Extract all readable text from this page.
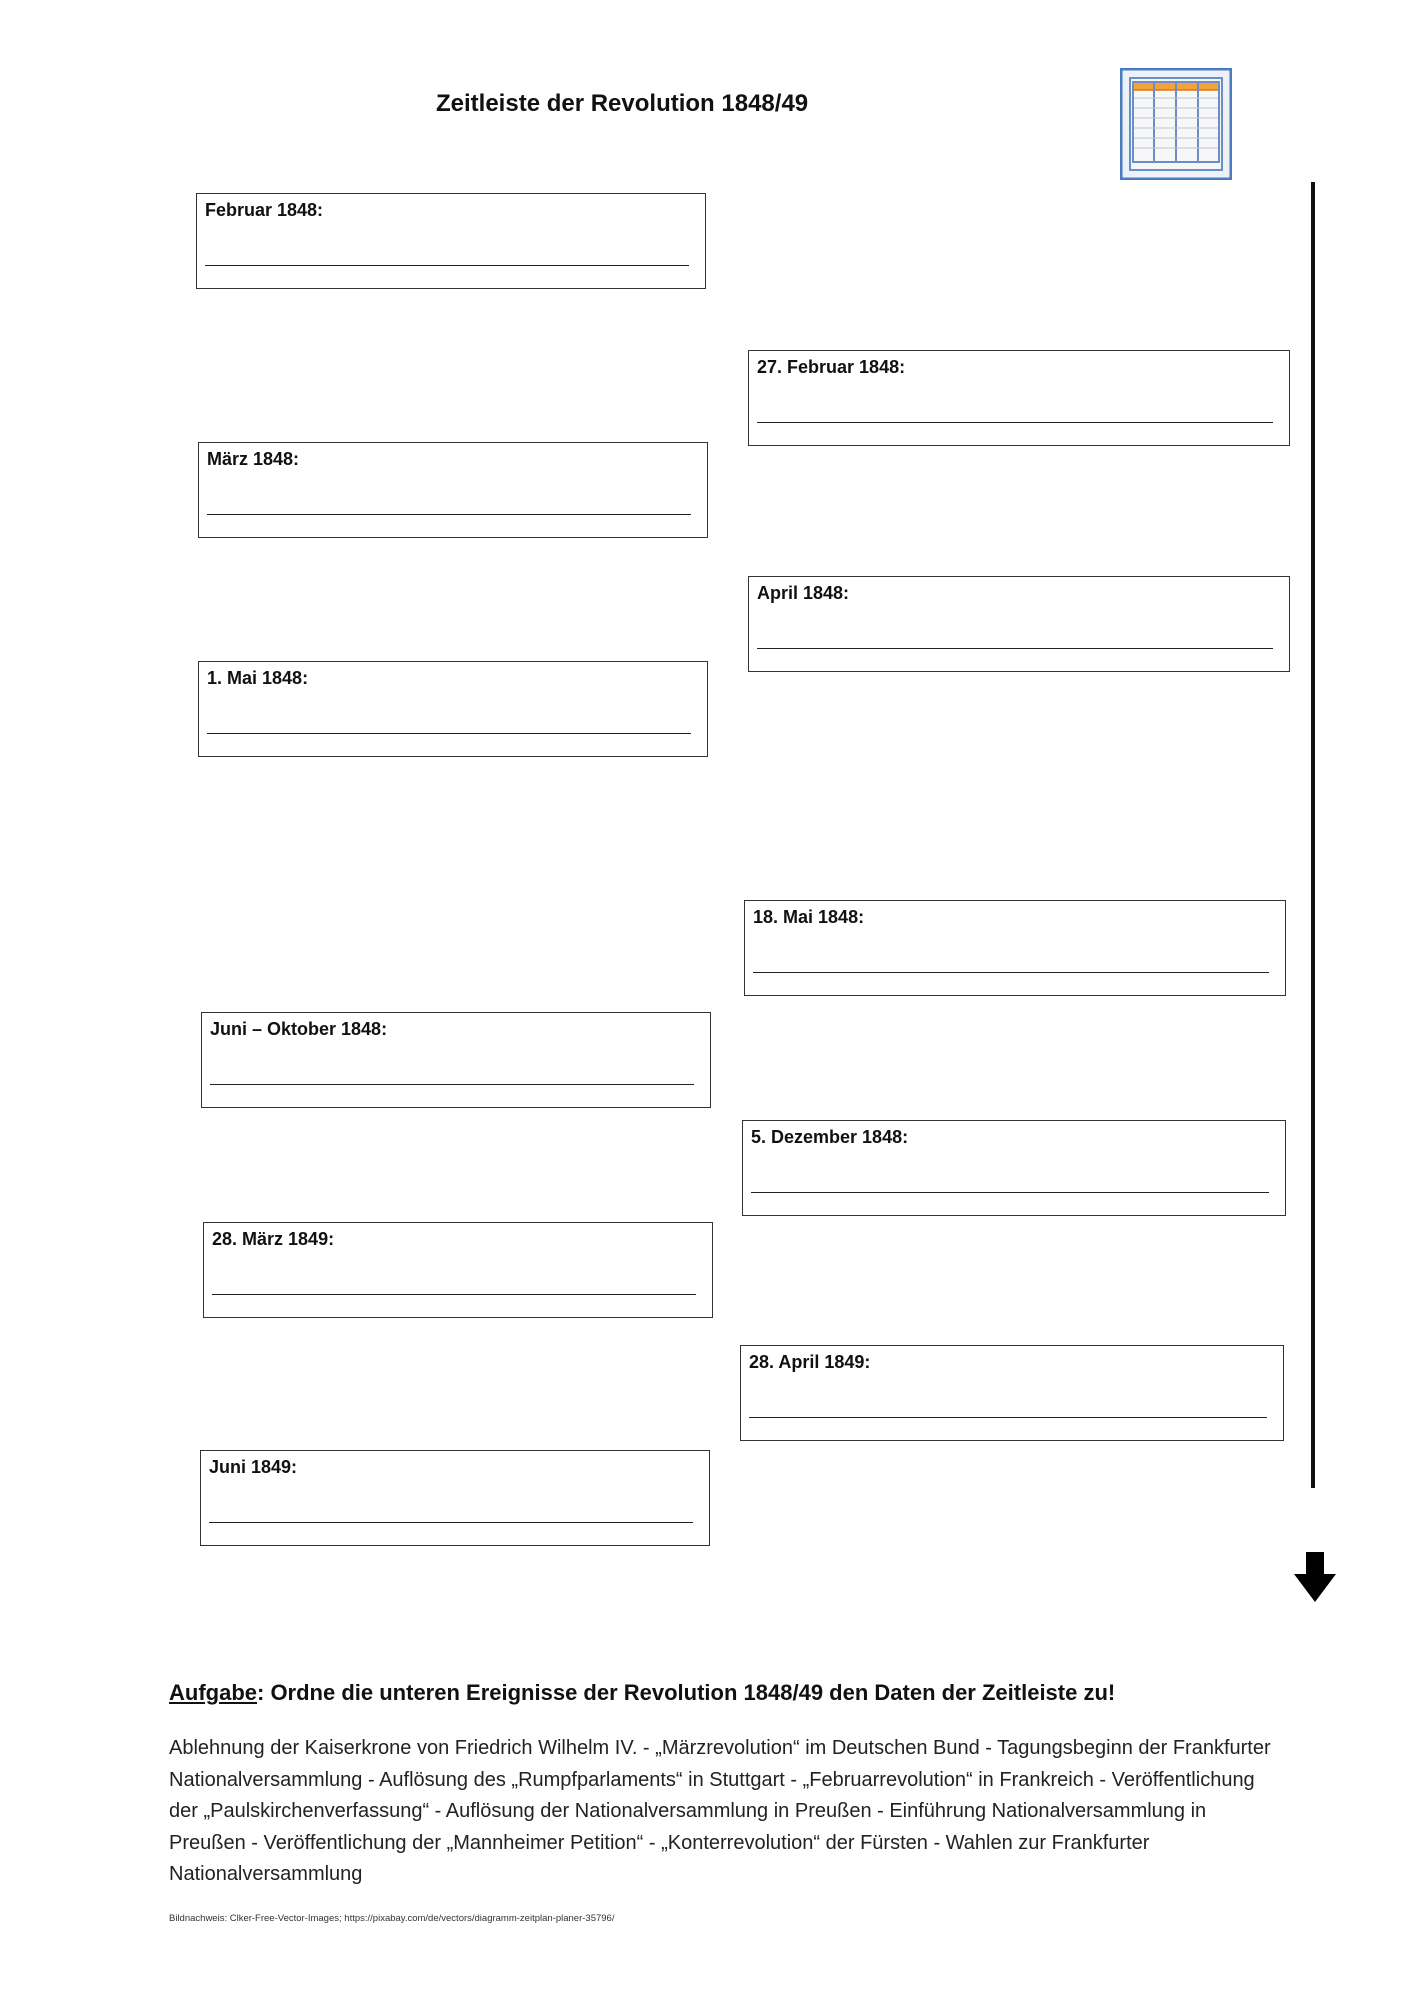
Zeitleiste der Revolution 1848/49
Februar 1848:
27. Februar 1848:
März 1848:
April 1848:
1. Mai 1848:
18. Mai 1848:
Juni – Oktober 1848:
5. Dezember 1848:
28. März 1849:
28. April 1849:
Juni 1849:
Aufgabe: Ordne die unteren Ereignisse der Revolution 1848/49 den Daten der Zeitleiste zu!
Ablehnung der Kaiserkrone von Friedrich Wilhelm IV. - „Märzrevolution“ im Deutschen Bund - Tagungsbeginn der Frankfurter Nationalversammlung - Auflösung des „Rumpfparlaments“ in Stuttgart - „Februarrevolution“ in Frankreich - Veröffentlichung der „Paulskirchenverfassung“ - Auflösung der Nationalversammlung in Preußen - Einführung Nationalversammlung in Preußen - Veröffentlichung der „Mannheimer Petition“ - „Konterrevolution“ der Fürsten - Wahlen zur Frankfurter Nationalversammlung
Bildnachweis: Clker-Free-Vector-Images; https://pixabay.com/de/vectors/diagramm-zeitplan-planer-35796/
